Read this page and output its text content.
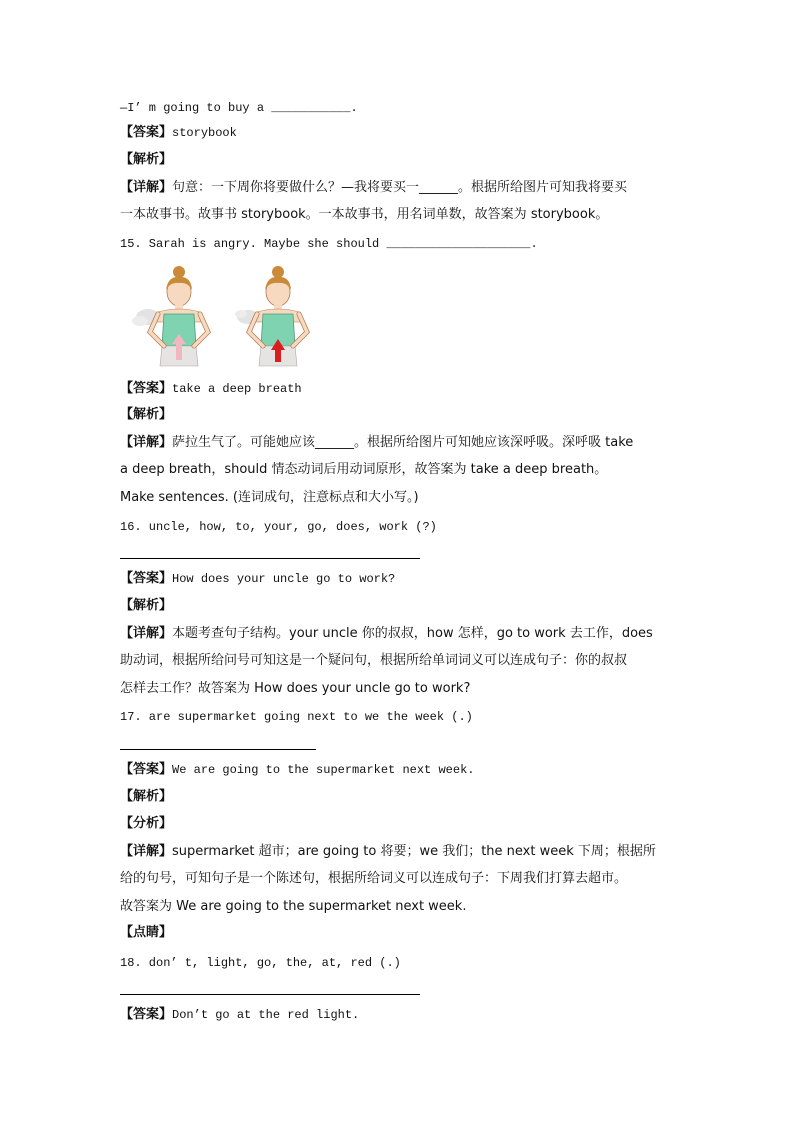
—I’ m going to buy a ___________.
【答案】storybook
【解析】
【详解】句意：一下周你将要做什么？—我将要买一______。根据所给图片可知我将要买
一本故事书。故事书 storybook。一本故事书，用名词单数，故答案为 storybook。
15. Sarah is angry. Maybe she should ____________________.
【答案】take a deep breath
【解析】
【详解】萨拉生气了。可能她应该______。根据所给图片可知她应该深呼吸。深呼吸 take
a deep breath，should 情态动词后用动词原形，故答案为 take a deep breath。
Make sentences. (连词成句，注意标点和大小写。)
16. uncle, how, to, your, go, does, work (?)
【答案】How does your uncle go to work?
【解析】
【详解】本题考查句子结构。your uncle 你的叔叔，how 怎样，go to work 去工作，does
助动词，根据所给问号可知这是一个疑问句，根据所给单词词义可以连成句子：你的叔叔
怎样去工作？故答案为 How does your uncle go to work?
17. are supermarket going next to we the week (.)
【答案】We are going to the supermarket next week.
【解析】
【分析】
【详解】supermarket 超市；are going to 将要；we 我们；the next week 下周；根据所
给的句号，可知句子是一个陈述句，根据所给词义可以连成句子：下周我们打算去超市。
故答案为 We are going to the supermarket next week.
【点睛】
18. don’ t, light, go, the, at, red (.)
【答案】Don’t go at the red light.
